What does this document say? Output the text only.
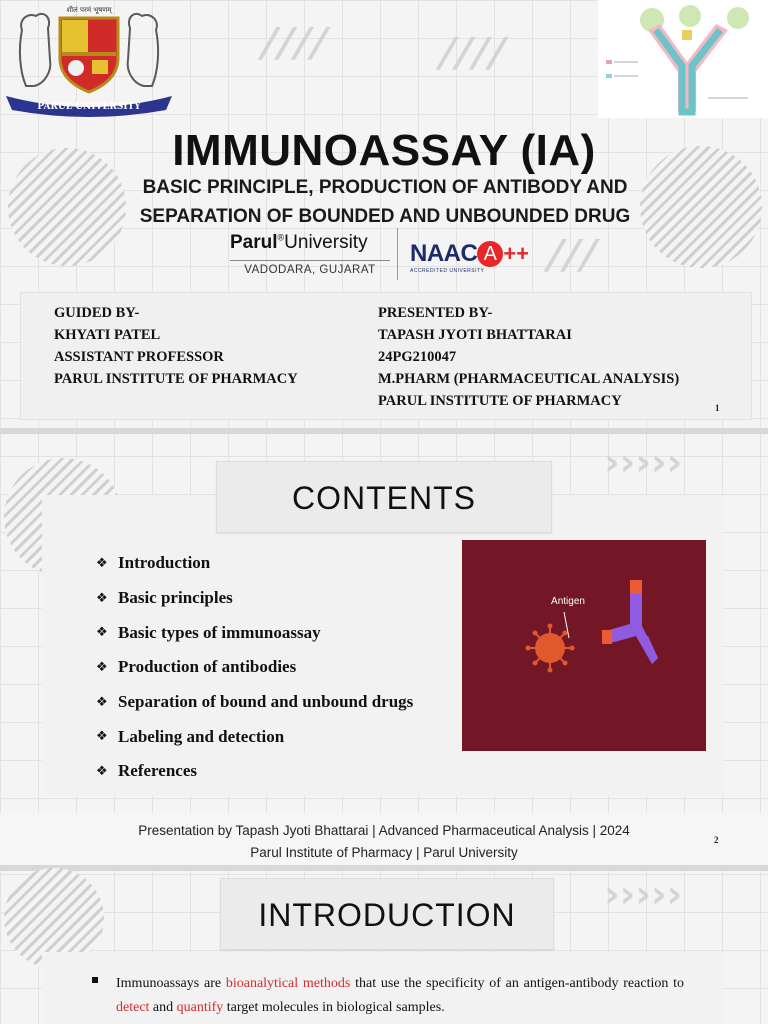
शीलं परमं भूषणम्
PARUL UNIVERSITY
/ / / /	/ / / /
/ / /
IMMUNOASSAY (IA)
BASIC PRINCIPLE, PRODUCTION OF ANTIBODY AND
SEPARATION OF BOUNDED AND UNBOUNDED DRUG
Parul®University
VADODARA, GUJARAT
NAAC A ++
ACCREDITED UNIVERSITY
GUIDED BY-
KHYATI PATEL
ASSISTANT PROFESSOR
PARUL INSTITUTE OF PHARMACY
PRESENTED BY-
TAPASH JYOTI BHATTARAI
24PG210047
M.PHARM (PHARMACEUTICAL ANALYSIS)
PARUL INSTITUTE OF PHARMACY	1
›››››
CONTENTS
❖ Introduction
❖ Basic principles
❖ Basic types of immunoassay
❖ Production of antibodies
❖ Separation of bound and unbound drugs
❖ Labeling and detection
❖ References
Antigen
Presentation by Tapash Jyoti Bhattarai | Advanced Pharmaceutical Analysis | 2024
Parul Institute of Pharmacy | Parul University
2
›››››
INTRODUCTION
Immunoassays are bioanalytical methods that use the specificity of an antigen-antibody reaction to detect and quantify target molecules in biological samples.
